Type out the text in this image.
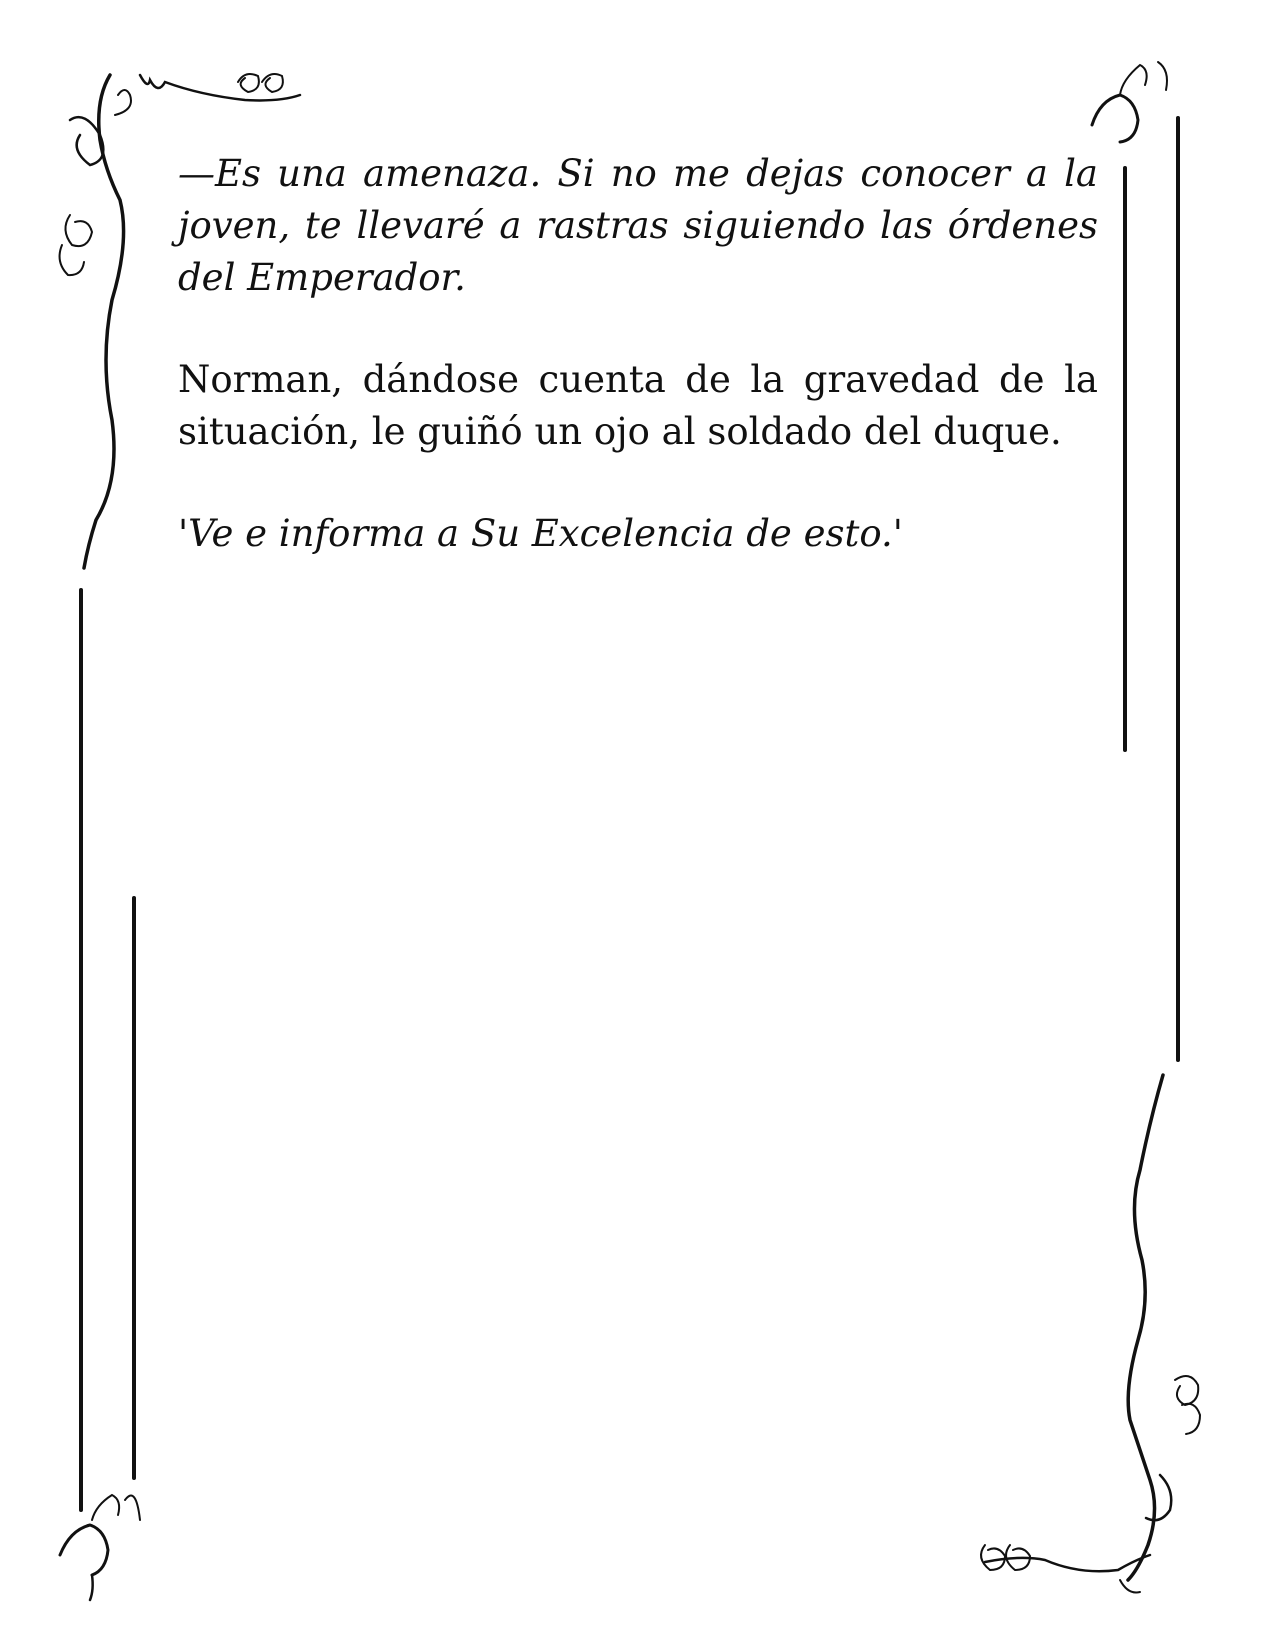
—Es una amenaza. Si no me dejas conocer a la joven, te llevaré a rastras siguiendo las órdenes del Emperador.

Norman, dándose cuenta de la gravedad de la situación, le guiñó un ojo al soldado del duque.

'Ve e informa a Su Excelencia de esto.'
